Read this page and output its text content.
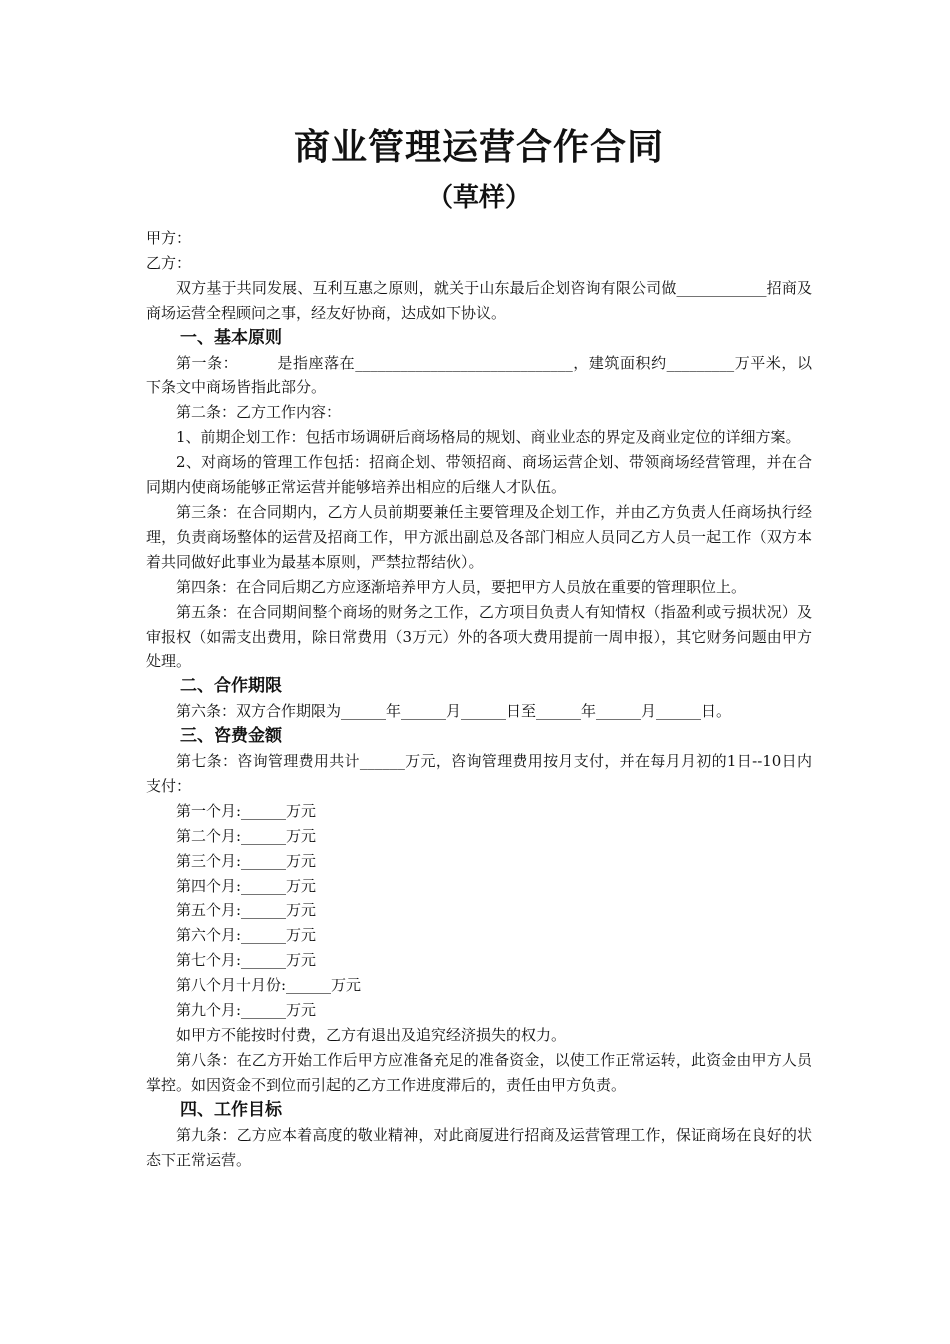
商业管理运营合作合同
（草样）

甲方：

乙方：

双方基于共同发展、互利互惠之原则，就关于山东最后企划咨询有限公司做____________招商及商场运营全程顾问之事，经友好协商，达成如下协议。

一、基本原则

第一条：　　　是指座落在_____________________________，建筑面积约_________万平米，以下条文中商场皆指此部分。

第二条：乙方工作内容：

1、前期企划工作：包括市场调研后商场格局的规划、商业业态的界定及商业定位的详细方案。

2、对商场的管理工作包括：招商企划、带领招商、商场运营企划、带领商场经营管理，并在合同期内使商场能够正常运营并能够培养出相应的后继人才队伍。

第三条：在合同期内，乙方人员前期要兼任主要管理及企划工作，并由乙方负责人任商场执行经理，负责商场整体的运营及招商工作，甲方派出副总及各部门相应人员同乙方人员一起工作（双方本着共同做好此事业为最基本原则，严禁拉帮结伙）。

第四条：在合同后期乙方应逐渐培养甲方人员，要把甲方人员放在重要的管理职位上。

第五条：在合同期间整个商场的财务之工作，乙方项目负责人有知情权（指盈利或亏损状况）及审报权（如需支出费用，除日常费用（3万元）外的各项大费用提前一周申报），其它财务问题由甲方处理。

二、合作期限

第六条：双方合作期限为______年______月______日至______年______月______日。

三、咨费金额

第七条：咨询管理费用共计______万元，咨询管理费用按月支付，并在每月月初的1日--10日内支付：

第一个月:______万元

第二个月:______万元

第三个月:______万元

第四个月:______万元

第五个月:______万元

第六个月:______万元

第七个月:______万元

第八个月十月份:______万元

第九个月:______万元

如甲方不能按时付费，乙方有退出及追究经济损失的权力。

第八条：在乙方开始工作后甲方应准备充足的准备资金，以使工作正常运转，此资金由甲方人员掌控。如因资金不到位而引起的乙方工作进度滞后的，责任由甲方负责。

四、工作目标

第九条：乙方应本着高度的敬业精神，对此商厦进行招商及运营管理工作，保证商场在良好的状态下正常运营。
